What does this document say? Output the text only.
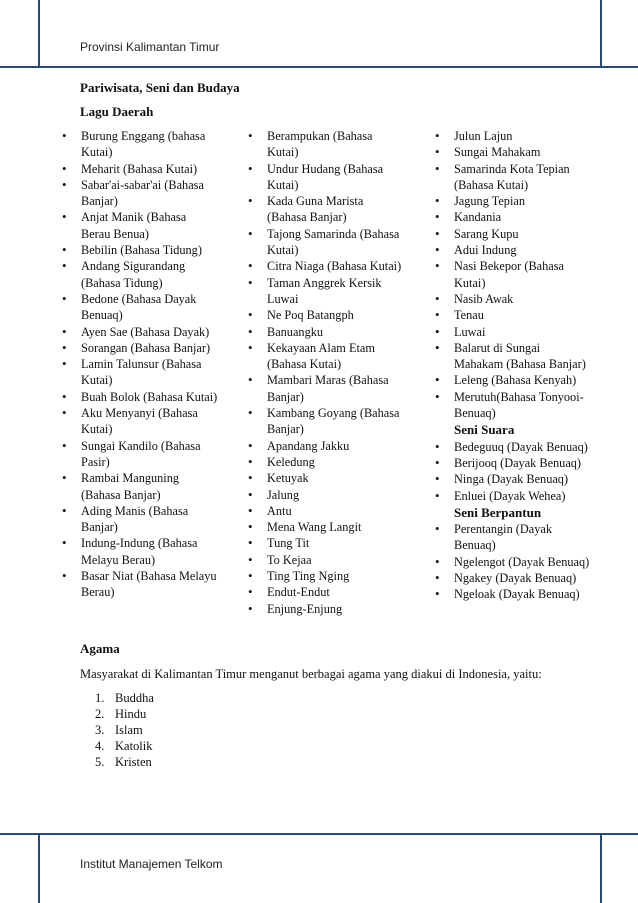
Provinsi Kalimantan Timur
Pariwisata, Seni dan Budaya
Lagu Daerah
• Burung Enggang (bahasa
Kutai)
• Meharit (Bahasa Kutai)
• Sabar'ai-sabar'ai (Bahasa
Banjar)
• Anjat Manik (Bahasa
Berau Benua)
• Bebilin (Bahasa Tidung)
• Andang Sigurandang
(Bahasa Tidung)
• Bedone (Bahasa Dayak
Benuaq)
• Ayen Sae (Bahasa Dayak)
• Sorangan (Bahasa Banjar)
• Lamin Talunsur (Bahasa
Kutai)
• Buah Bolok (Bahasa Kutai)
• Aku Menyanyi (Bahasa
Kutai)
• Sungai Kandilo (Bahasa
Pasir)
• Rambai Manguning
(Bahasa Banjar)
• Ading Manis (Bahasa
Banjar)
• Indung-Indung (Bahasa
Melayu Berau)
• Basar Niat (Bahasa Melayu
Berau)
• Berampukan (Bahasa
Kutai)
• Undur Hudang (Bahasa
Kutai)
• Kada Guna Marista
(Bahasa Banjar)
• Tajong Samarinda (Bahasa
Kutai)
• Citra Niaga (Bahasa Kutai)
• Taman Anggrek Kersik
Luwai
• Ne Poq Batangph
• Banuangku
• Kekayaan Alam Etam
(Bahasa Kutai)
• Mambari Maras (Bahasa
Banjar)
• Kambang Goyang (Bahasa
Banjar)
• Apandang Jakku
• Keledung
• Ketuyak
• Jalung
• Antu
• Mena Wang Langit
• Tung Tit
• To Kejaa
• Ting Ting Nging
• Endut-Endut
• Enjung-Enjung
• Julun Lajun
• Sungai Mahakam
• Samarinda Kota Tepian
(Bahasa Kutai)
• Jagung Tepian
• Kandania
• Sarang Kupu
• Adui Indung
• Nasi Bekepor (Bahasa
Kutai)
• Nasib Awak
• Tenau
• Luwai
• Balarut di Sungai
Mahakam (Bahasa Banjar)
• Leleng (Bahasa Kenyah)
• Merutuh(Bahasa Tonyooi-
Benuaq)
Seni Suara
• Bedeguuq (Dayak Benuaq)
• Berijooq (Dayak Benuaq)
• Ninga (Dayak Benuaq)
• Enluei (Dayak Wehea)
Seni Berpantun
• Perentangin (Dayak
Benuaq)
• Ngelengot (Dayak Benuaq)
• Ngakey (Dayak Benuaq)
• Ngeloak (Dayak Benuaq)
Agama
Masyarakat di Kalimantan Timur menganut berbagai agama yang diakui di Indonesia, yaitu:
1. Buddha
2. Hindu
3. Islam
4. Katolik
5. Kristen
Institut Manajemen Telkom
